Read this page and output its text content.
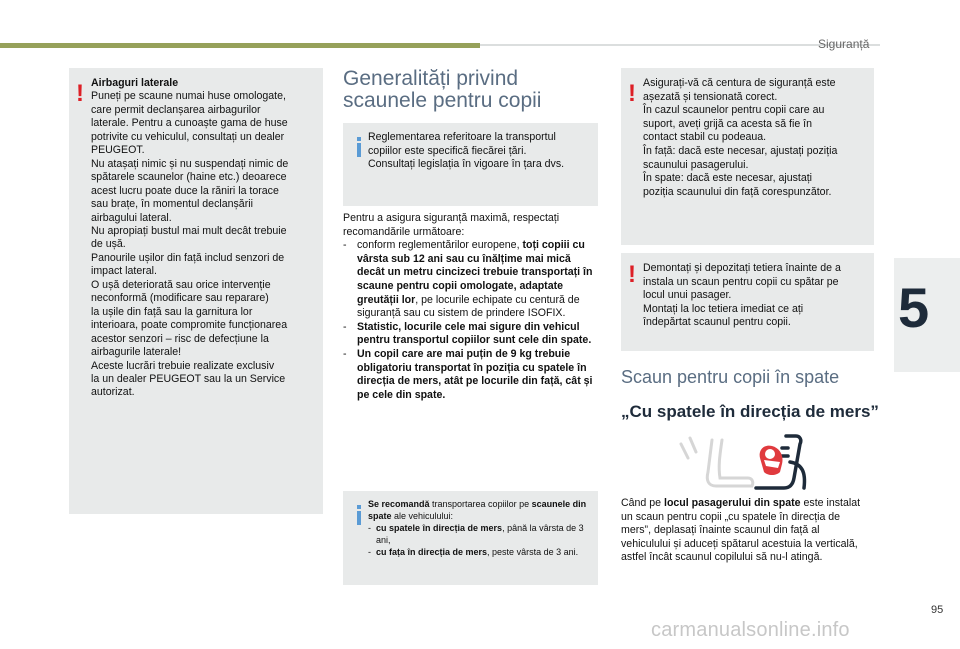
Siguranță
5
! Airbaguri laterale

Puneți pe scaune numai huse omologate,

care permit declanșarea airbagurilor

laterale. Pentru a cunoaște gama de huse

potrivite cu vehiculul, consultați un dealer

PEUGEOT.

Nu atașați nimic și nu suspendați nimic de

spătarele scaunelor (haine etc.) deoarece

acest lucru poate duce la răniri la torace

sau brațe, în momentul declanșării

airbagului lateral.

Nu apropiați bustul mai mult decât trebuie

de ușă.

Panourile ușilor din față includ senzori de

impact lateral.

O ușă deteriorată sau orice intervenție

neconformă (modificare sau reparare)

la ușile din față sau la garnitura lor

interioara, poate compromite funcționarea

acestor senzori – risc de defecțiune la

airbagurile laterale!

Aceste lucrări trebuie realizate exclusiv

la un dealer PEUGEOT sau la un Service

autorizat.

Generalități privind
scaunele pentru copii

Reglementarea referitoare la transportul

copiilor este specifică fiecărei țări.

Consultați legislația în vigoare în țara dvs.

Pentru a asigura siguranță maximă, respectați

recomandările următoare:

- conform reglementărilor europene, toți copiii cu vârsta sub 12 ani sau cu înălțime mai mică decât un metru cincizeci trebuie transportați în scaune pentru copii omologate, adaptate greutății lor, pe locurile echipate cu centură de siguranță sau cu sistem de prindere ISOFIX.
- Statistic, locurile cele mai sigure din vehicul pentru transportul copiilor sunt cele din spate.
- Un copil care are mai puțin de 9 kg trebuie obligatoriu transportat în poziția cu spatele în direcția de mers, atât pe locurile din față, cât și pe cele din spate.

Se recomandă transportarea copiilor pe scaunele din spate ale vehiculului:

- cu spatele în direcția de mers, până la vârsta de 3 ani,
- cu fața în direcția de mers, peste vârsta de 3 ani.
! Asigurați-vă că centura de siguranță este

așezată și tensionată corect.

În cazul scaunelor pentru copii care au

suport, aveți grijă ca acesta să fie în

contact stabil cu podeaua.

În față: dacă este necesar, ajustați poziția

scaunului pasagerului.

În spate: dacă este necesar, ajustați

poziția scaunului din față corespunzător.

! Demontați și depozitați tetiera înainte de a

instala un scaun pentru copii cu spătar pe

locul unui pasager.

Montați la loc tetiera imediat ce ați

îndepărtat scaunul pentru copii.

Scaun pentru copii în spate
„Cu spatele în direcția de mers”
Când pe locul pasagerului din spate este instalat un scaun pentru copii „cu spatele în direcția de mers”, deplasați înainte scaunul din față al vehiculului și aduceți spătarul acestuia la verticală, astfel încât scaunul copilului să nu-l atingă.
95
carmanualsonline.info
